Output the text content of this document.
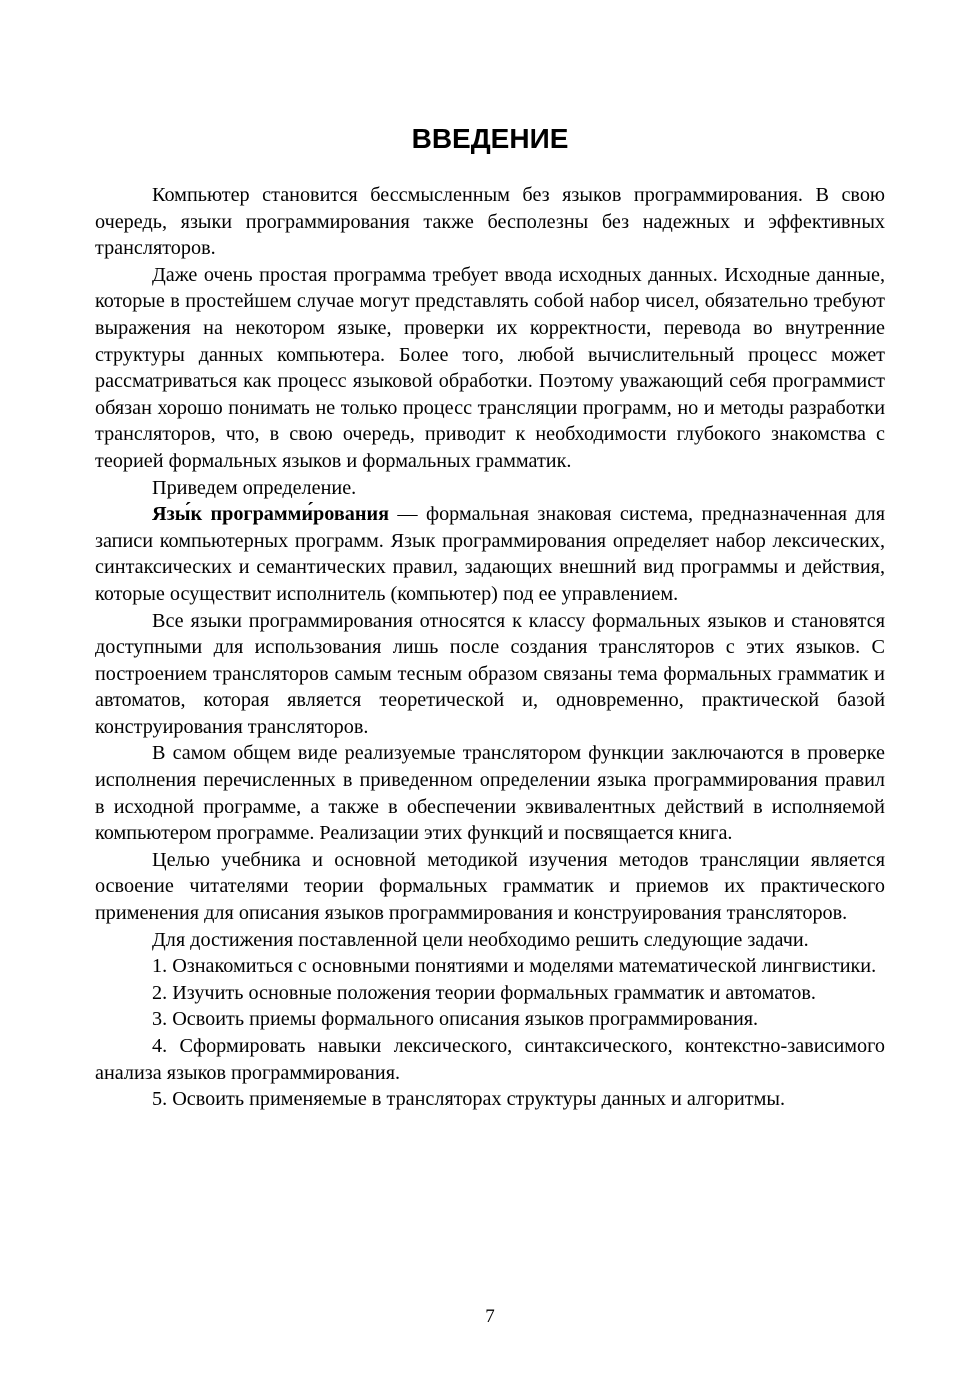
ВВЕДЕНИЕ

Компьютер становится бессмысленным без языков программирования. В свою очередь, языки программирования также бесполезны без надежных и эффективных трансляторов.

Даже очень простая программа требует ввода исходных данных. Исходные данные, которые в простейшем случае могут представлять собой набор чисел, обязательно требуют выражения на некотором языке, проверки их корректности, перевода во внутренние структуры данных компьютера. Более того, любой вычислительный процесс может рассматриваться как процесс языковой обработки. Поэтому уважающий себя программист обязан хорошо понимать не только процесс трансляции программ, но и методы разработки трансляторов, что, в свою очередь, приводит к необходимости глубокого знакомства с теорией формальных языков и формальных грамматик.

Приведем определение.

Язы́к программи́рования — формальная знаковая система, предназначенная для записи компьютерных программ. Язык программирования определяет набор лексических, синтаксических и семантических правил, задающих внешний вид программы и действия, которые осуществит исполнитель (компьютер) под ее управлением.

Все языки программирования относятся к классу формальных языков и становятся доступными для использования лишь после создания трансляторов с этих языков. С построением трансляторов самым тесным образом связаны тема формальных грамматик и автоматов, которая является теоретической и, одновременно, практической базой конструирования трансляторов.

В самом общем виде реализуемые транслятором функции заключаются в проверке исполнения перечисленных в приведенном определении языка программирования правил в исходной программе, а также в обеспечении эквивалентных действий в исполняемой компьютером программе. Реализации этих функций и посвящается книга.

Целью учебника и основной методикой изучения методов трансляции является освоение читателями теории формальных грамматик и приемов их практического применения для описания языков программирования и конструирования трансляторов.

Для достижения поставленной цели необходимо решить следующие задачи.

1. Ознакомиться с основными понятиями и моделями математической лингвистики.

2. Изучить основные положения теории формальных грамматик и автоматов.

3. Освоить приемы формального описания языков программирования.

4. Сформировать навыки лексического, синтаксического, контекстно-зависимого анализа языков программирования.

5. Освоить применяемые в трансляторах структуры данных и алгоритмы.

7
